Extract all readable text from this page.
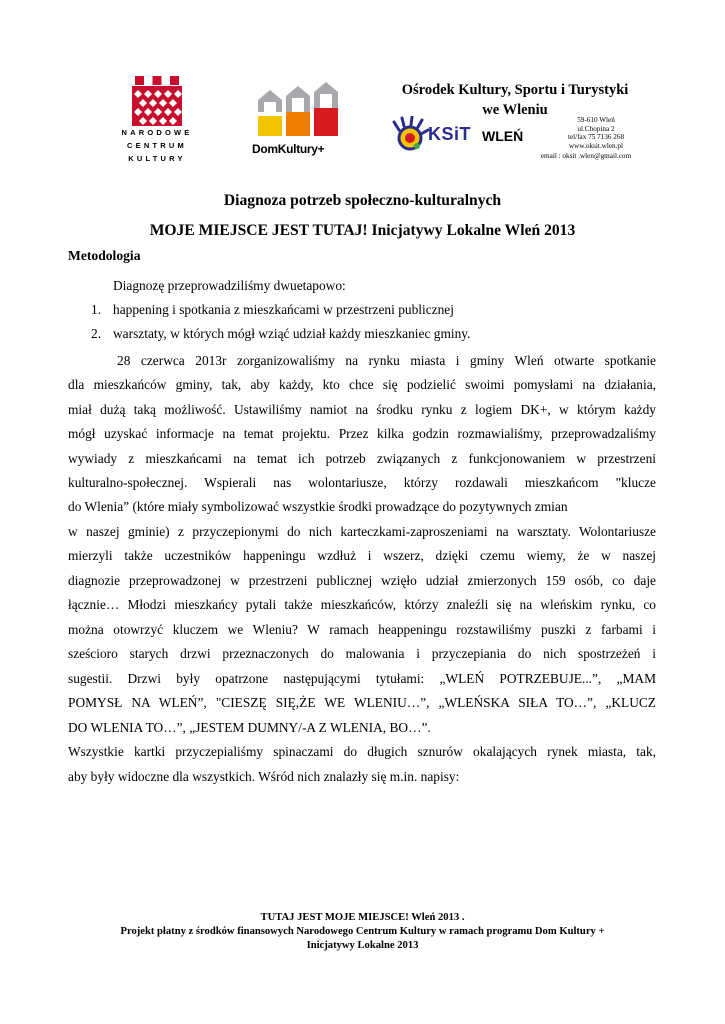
NARODOWE
CENTRUM
KULTURY
DomKultury+
Ośrodek Kultury, Sportu i Turystyki
we Wleniu
KSiT WLEŃ
59-610 Wleń
ul.Chopina 2
tel/fax 75 7136 268
www.oksit.wlen.pl
email : oksit .wlen@gmail.com
Diagnoza potrzeb społeczno-kulturalnych
MOJE MIEJSCE JEST TUTAJ! Inicjatywy Lokalne Wleń 2013
Metodologia
Diagnozę przeprowadziliśmy dwuetapowo:
1. happening i spotkania z mieszkańcami w przestrzeni publicznej
2. warsztaty, w których mógł wziąć udział każdy mieszkaniec gminy.
28 czerwca 2013r zorganizowaliśmy na rynku miasta i gminy Wleń otwarte spotkanie
dla mieszkańców gminy, tak, aby każdy, kto chce się podzielić swoimi pomysłami na działania,
miał dużą taką możliwość. Ustawiliśmy namiot na środku rynku z logiem DK+, w którym każdy
mógł uzyskać informacje na temat projektu. Przez kilka godzin rozmawialiśmy, przeprowadzaliśmy
wywiady z mieszkańcami na temat ich potrzeb związanych z funkcjonowaniem w przestrzeni
kulturalno-społecznej. Wspierali nas wolontariusze, którzy rozdawali mieszkańcom "klucze
do Wlenia” (które miały symbolizować wszystkie środki prowadzące do pozytywnych zmian
w naszej gminie) z przyczepionymi do nich karteczkami-zaproszeniami na warsztaty. Wolontariusze
mierzyli także uczestników happeningu wzdłuż i wszerz, dzięki czemu wiemy, że w naszej
diagnozie przeprowadzonej w przestrzeni publicznej wzięło udział zmierzonych 159 osób, co daje
łącznie… Młodzi mieszkańcy pytali także mieszkańców, którzy znaleźli się na wleńskim rynku, co
można otowrzyć kluczem we Wleniu? W ramach heappeningu rozstawiliśmy puszki z farbami i
sześcioro starych drzwi przeznaczonych do malowania i przyczepiania do nich spostrzeżeń i
sugestii. Drzwi były opatrzone następującymi tytułami: „WLEŃ POTRZEBUJE...”, „MAM
POMYSŁ NA WLEŃ”, "CIESZĘ SIĘ,ŻE WE WLENIU…”, „WLEŃSKA SIŁA TO…”, „KLUCZ
DO WLENIA TO…”, „JESTEM DUMNY/-A Z WLENIA, BO…”.
Wszystkie kartki przyczepialiśmy spinaczami do długich sznurów okalających rynek miasta, tak,
aby były widoczne dla wszystkich. Wśród nich znalazły się m.in. napisy:
TUTAJ JEST MOJE MIEJSCE! Wleń 2013 .
Projekt płatny z środków finansowych Narodowego Centrum Kultury w ramach programu Dom Kultury +
Inicjatywy Lokalne 2013
